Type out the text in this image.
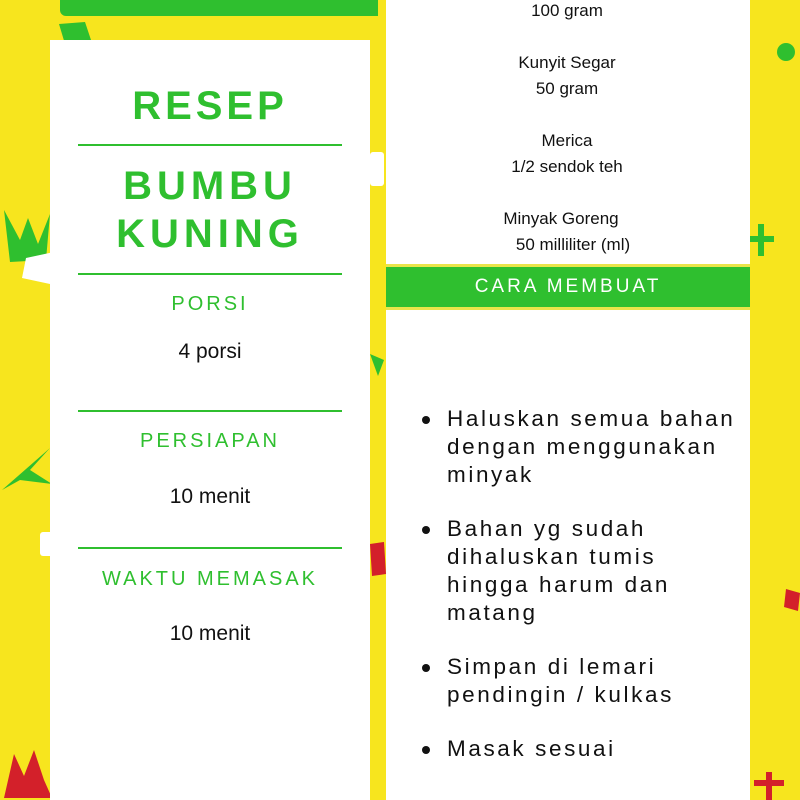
RESEP
BUMBU
KUNING
PORSI
4 porsi
PERSIAPAN
10 menit
WAKTU MEMASAK
10 menit
100 gram
Kunyit Segar
50 gram
Merica
1/2 sendok teh
Minyak Goreng
50 milliliter (ml)
CARA MEMBUAT
Haluskan semua bahan dengan menggunakan minyak
Bahan yg sudah dihaluskan tumis hingga harum dan matang
Simpan di lemari pendingin / kulkas
Masak sesuai
